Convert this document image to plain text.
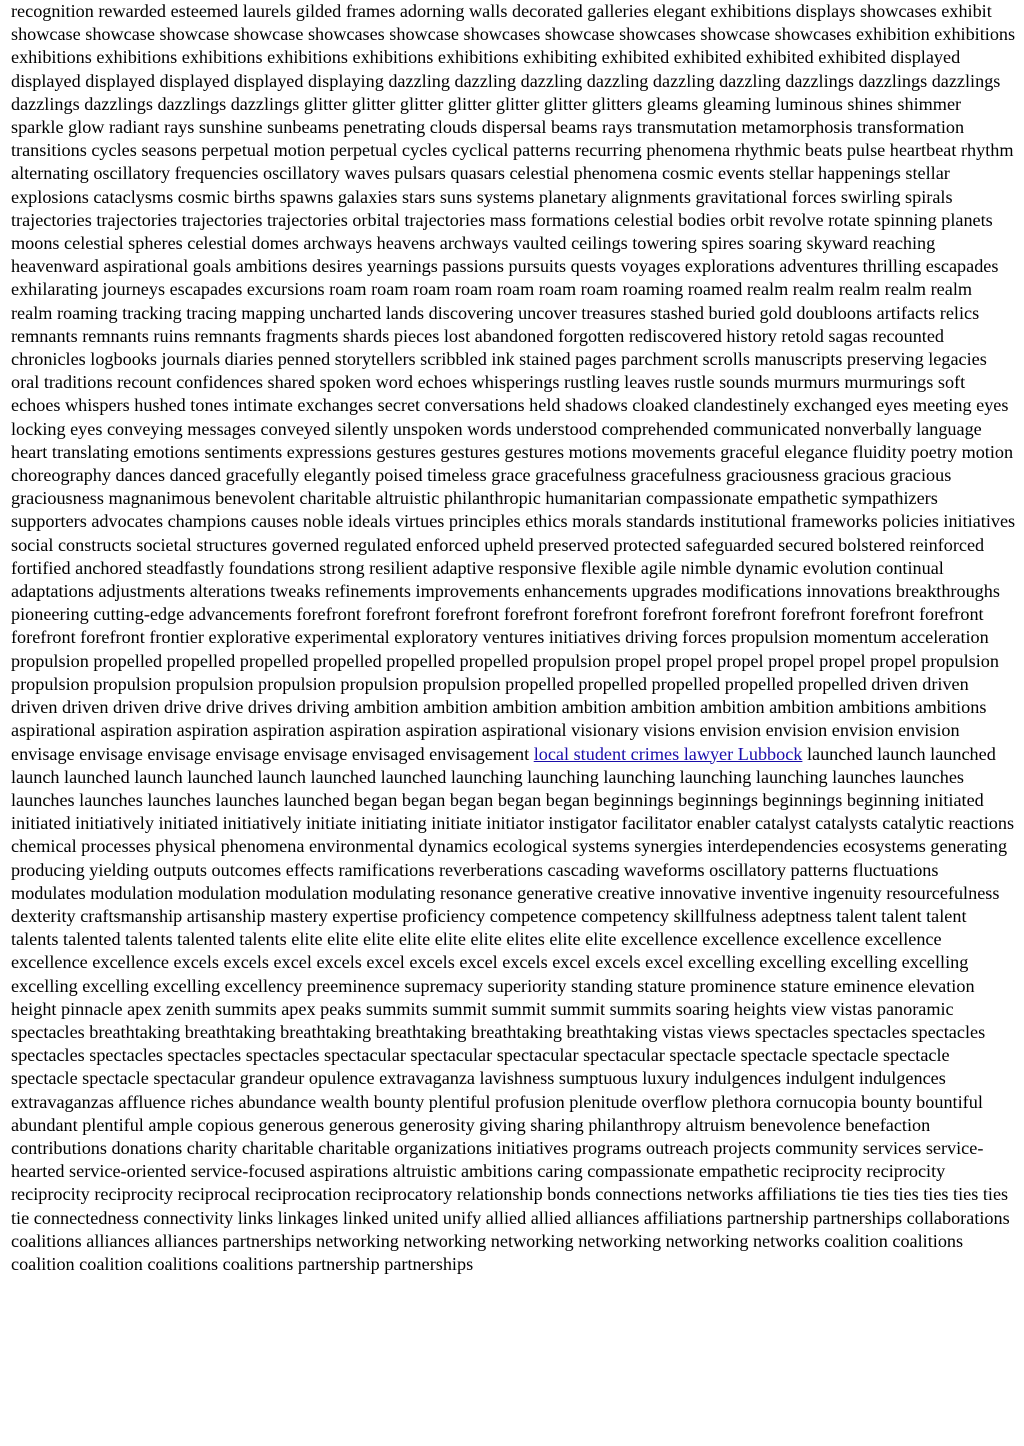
recognition rewarded esteemed laurels gilded frames adorning walls decorated galleries elegant exhibitions displays showcases exhibit showcase showcase showcase showcase showcases showcase showcases showcase showcases showcase showcases exhibition exhibitions exhibitions exhibitions exhibitions exhibitions exhibitions exhibitions exhibiting exhibited exhibited exhibited exhibited displayed displayed displayed displayed displayed displaying dazzling dazzling dazzling dazzling dazzling dazzling dazzlings dazzlings dazzlings dazzlings dazzlings dazzlings dazzlings glitter glitter glitter glitter glitter glitter glitters gleams gleaming luminous shines shimmer sparkle glow radiant rays sunshine sunbeams penetrating clouds dispersal beams rays transmutation metamorphosis transformation transitions cycles seasons perpetual motion perpetual cycles cyclical patterns recurring phenomena rhythmic beats pulse heartbeat rhythm alternating oscillatory frequencies oscillatory waves pulsars quasars celestial phenomena cosmic events stellar happenings stellar explosions cataclysms cosmic births spawns galaxies stars suns systems planetary alignments gravitational forces swirling spirals trajectories trajectories trajectories trajectories orbital trajectories mass formations celestial bodies orbit revolve rotate spinning planets moons celestial spheres celestial domes archways heavens archways vaulted ceilings towering spires soaring skyward reaching heavenward aspirational goals ambitions desires yearnings passions pursuits quests voyages explorations adventures thrilling escapades exhilarating journeys escapades excursions roam roam roam roam roam roam roam roaming roamed realm realm realm realm realm realm roaming tracking tracing mapping uncharted lands discovering uncover treasures stashed buried gold doubloons artifacts relics remnants remnants ruins remnants fragments shards pieces lost abandoned forgotten rediscovered history retold sagas recounted chronicles logbooks journals diaries penned storytellers scribbled ink stained pages parchment scrolls manuscripts preserving legacies oral traditions recount confidences shared spoken word echoes whisperings rustling leaves rustle sounds murmurs murmurings soft echoes whispers hushed tones intimate exchanges secret conversations held shadows cloaked clandestinely exchanged eyes meeting eyes locking eyes conveying messages conveyed silently unspoken words understood comprehended communicated nonverbally language heart translating emotions sentiments expressions gestures gestures gestures motions movements graceful elegance fluidity poetry motion choreography dances danced gracefully elegantly poised timeless grace gracefulness gracefulness graciousness gracious gracious graciousness magnanimous benevolent charitable altruistic philanthropic humanitarian compassionate empathetic sympathizers supporters advocates champions causes noble ideals virtues principles ethics morals standards institutional frameworks policies initiatives social constructs societal structures governed regulated enforced upheld preserved protected safeguarded secured bolstered reinforced fortified anchored steadfastly foundations strong resilient adaptive responsive flexible agile nimble dynamic evolution continual adaptations adjustments alterations tweaks refinements improvements enhancements upgrades modifications innovations breakthroughs pioneering cutting-edge advancements forefront forefront forefront forefront forefront forefront forefront forefront forefront forefront forefront forefront frontier explorative experimental exploratory ventures initiatives driving forces propulsion momentum acceleration propulsion propelled propelled propelled propelled propelled propelled propulsion propel propel propel propel propel propel propulsion propulsion propulsion propulsion propulsion propulsion propulsion propelled propelled propelled propelled propelled driven driven driven driven driven drive drive drives driving ambition ambition ambition ambition ambition ambition ambition ambitions ambitions aspirational aspiration aspiration aspiration aspiration aspiration aspirational visionary visions envision envision envision envision envisage envisage envisage envisage envisage envisaged envisagement local student crimes lawyer Lubbock launched launch launched launch launched launch launched launch launched launched launching launching launching launching launching launches launches launches launches launches launches launched began began began began began beginnings beginnings beginnings beginning initiated initiated initiatively initiated initiatively initiate initiating initiate initiator instigator facilitator enabler catalyst catalysts catalytic reactions chemical processes physical phenomena environmental dynamics ecological systems synergies interdependencies ecosystems generating producing yielding outputs outcomes effects ramifications reverberations cascading waveforms oscillatory patterns fluctuations modulates modulation modulation modulation modulating resonance generative creative innovative inventive ingenuity resourcefulness dexterity craftsmanship artisanship mastery expertise proficiency competence competency skillfulness adeptness talent talent talent talents talented talents talented talents elite elite elite elite elite elite elites elite elite excellence excellence excellence excellence excellence excellence excels excels excel excels excel excels excel excels excel excels excel excelling excelling excelling excelling excelling excelling excelling excellency preeminence supremacy superiority standing stature prominence stature eminence elevation height pinnacle apex zenith summits apex peaks summits summit summit summit summits soaring heights view vistas panoramic spectacles breathtaking breathtaking breathtaking breathtaking breathtaking breathtaking vistas views spectacles spectacles spectacles spectacles spectacles spectacles spectacles spectacular spectacular spectacular spectacular spectacle spectacle spectacle spectacle spectacle spectacle spectacular grandeur opulence extravaganza lavishness sumptuous luxury indulgences indulgent indulgences extravaganzas affluence riches abundance wealth bounty plentiful profusion plenitude overflow plethora cornucopia bounty bountiful abundant plentiful ample copious generous generous generosity giving sharing philanthropy altruism benevolence benefaction contributions donations charity charitable charitable organizations initiatives programs outreach projects community services service-hearted service-oriented service-focused aspirations altruistic ambitions caring compassionate empathetic reciprocity reciprocity reciprocity reciprocity reciprocal reciprocation reciprocatory relationship bonds connections networks affiliations tie ties ties ties ties ties tie connectedness connectivity links linkages linked united unify allied allied alliances affiliations partnership partnerships collaborations coalitions alliances alliances partnerships networking networking networking networking networking networks coalition coalitions coalition coalition coalitions coalitions partnership partnerships
